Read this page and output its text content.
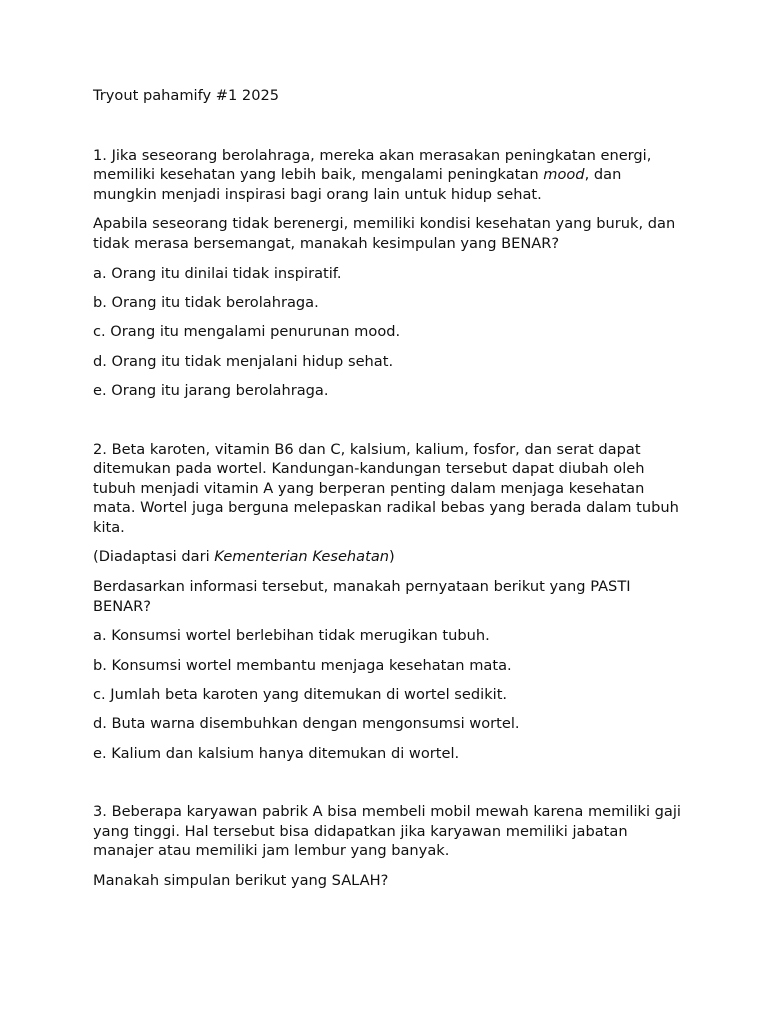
Tryout pahamify #1 2025

1. Jika seseorang berolahraga, mereka akan merasakan peningkatan energi, memiliki kesehatan yang lebih baik, mengalami peningkatan mood, dan mungkin menjadi inspirasi bagi orang lain untuk hidup sehat.

Apabila seseorang tidak berenergi, memiliki kondisi kesehatan yang buruk, dan tidak merasa bersemangat, manakah kesimpulan yang BENAR?

a. Orang itu dinilai tidak inspiratif.

b. Orang itu tidak berolahraga.

c. Orang itu mengalami penurunan mood.

d. Orang itu tidak menjalani hidup sehat.

e. Orang itu jarang berolahraga.

2. Beta karoten, vitamin B6 dan C, kalsium, kalium, fosfor, dan serat dapat ditemukan pada wortel. Kandungan-kandungan tersebut dapat diubah oleh tubuh menjadi vitamin A yang berperan penting dalam menjaga kesehatan mata. Wortel juga berguna melepaskan radikal bebas yang berada dalam tubuh kita.

(Diadaptasi dari Kementerian Kesehatan)

Berdasarkan informasi tersebut, manakah pernyataan berikut yang PASTI BENAR?

a. Konsumsi wortel berlebihan tidak merugikan tubuh.

b. Konsumsi wortel membantu menjaga kesehatan mata.

c. Jumlah beta karoten yang ditemukan di wortel sedikit.

d. Buta warna disembuhkan dengan mengonsumsi wortel.

e. Kalium dan kalsium hanya ditemukan di wortel.

3. Beberapa karyawan pabrik A bisa membeli mobil mewah karena memiliki gaji yang tinggi. Hal tersebut bisa didapatkan jika karyawan memiliki jabatan manajer atau memiliki jam lembur yang banyak.

Manakah simpulan berikut yang SALAH?
